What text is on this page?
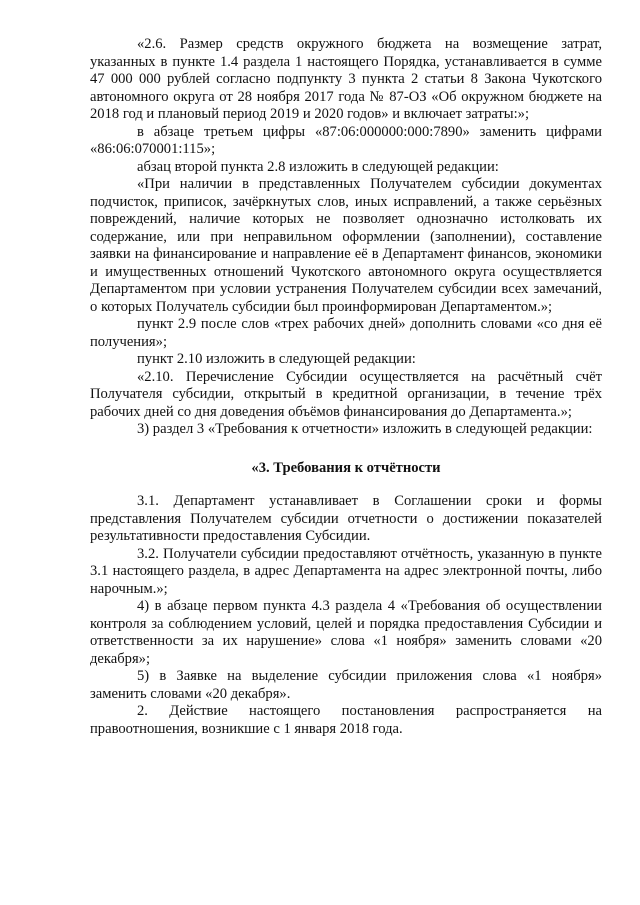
«2.6. Размер средств окружного бюджета на возмещение затрат, указанных в пункте 1.4 раздела 1 настоящего Порядка, устанавливается в сумме 47 000 000 рублей согласно подпункту 3 пункта 2 статьи 8 Закона Чукотского автономного округа от 28 ноября 2017 года № 87-ОЗ «Об окружном бюджете на 2018 год и плановый период 2019 и 2020 годов» и включает затраты:»;

в абзаце третьем цифры «87:06:000000:000:7890» заменить цифрами «86:06:070001:115»;

абзац второй пункта 2.8 изложить в следующей редакции:

«При наличии в представленных Получателем субсидии документах подчисток, приписок, зачёркнутых слов, иных исправлений, а также серьёзных повреждений, наличие которых не позволяет однозначно истолковать их содержание, или при неправильном оформлении (заполнении), составление заявки на финансирование и направление её в Департамент финансов, экономики и имущественных отношений Чукотского автономного округа осуществляется Департаментом при условии устранения Получателем субсидии всех замечаний, о которых Получатель субсидии был проинформирован Департаментом.»;

пункт 2.9 после слов «трех рабочих дней» дополнить словами «со дня её получения»;

пункт 2.10 изложить в следующей редакции:

«2.10. Перечисление Субсидии осуществляется на расчётный счёт Получателя субсидии, открытый в кредитной организации, в течение трёх рабочих дней со дня доведения объёмов финансирования до Департамента.»;

3) раздел 3 «Требования к отчетности» изложить в следующей редакции:

«3. Требования к отчётности

3.1. Департамент устанавливает в Соглашении сроки и формы представления Получателем субсидии отчетности о достижении показателей результативности предоставления Субсидии.

3.2. Получатели субсидии предоставляют отчётность, указанную в пункте 3.1 настоящего раздела, в адрес Департамента на адрес электронной почты, либо нарочным.»;

4) в абзаце первом пункта 4.3 раздела 4 «Требования об осуществлении контроля за соблюдением условий, целей и порядка предоставления Субсидии и ответственности за их нарушение» слова «1 ноября» заменить словами «20 декабря»;

5) в Заявке на выделение субсидии приложения слова «1 ноября» заменить словами «20 декабря».

2. Действие настоящего постановления распространяется на правоотношения, возникшие с 1 января 2018 года.
